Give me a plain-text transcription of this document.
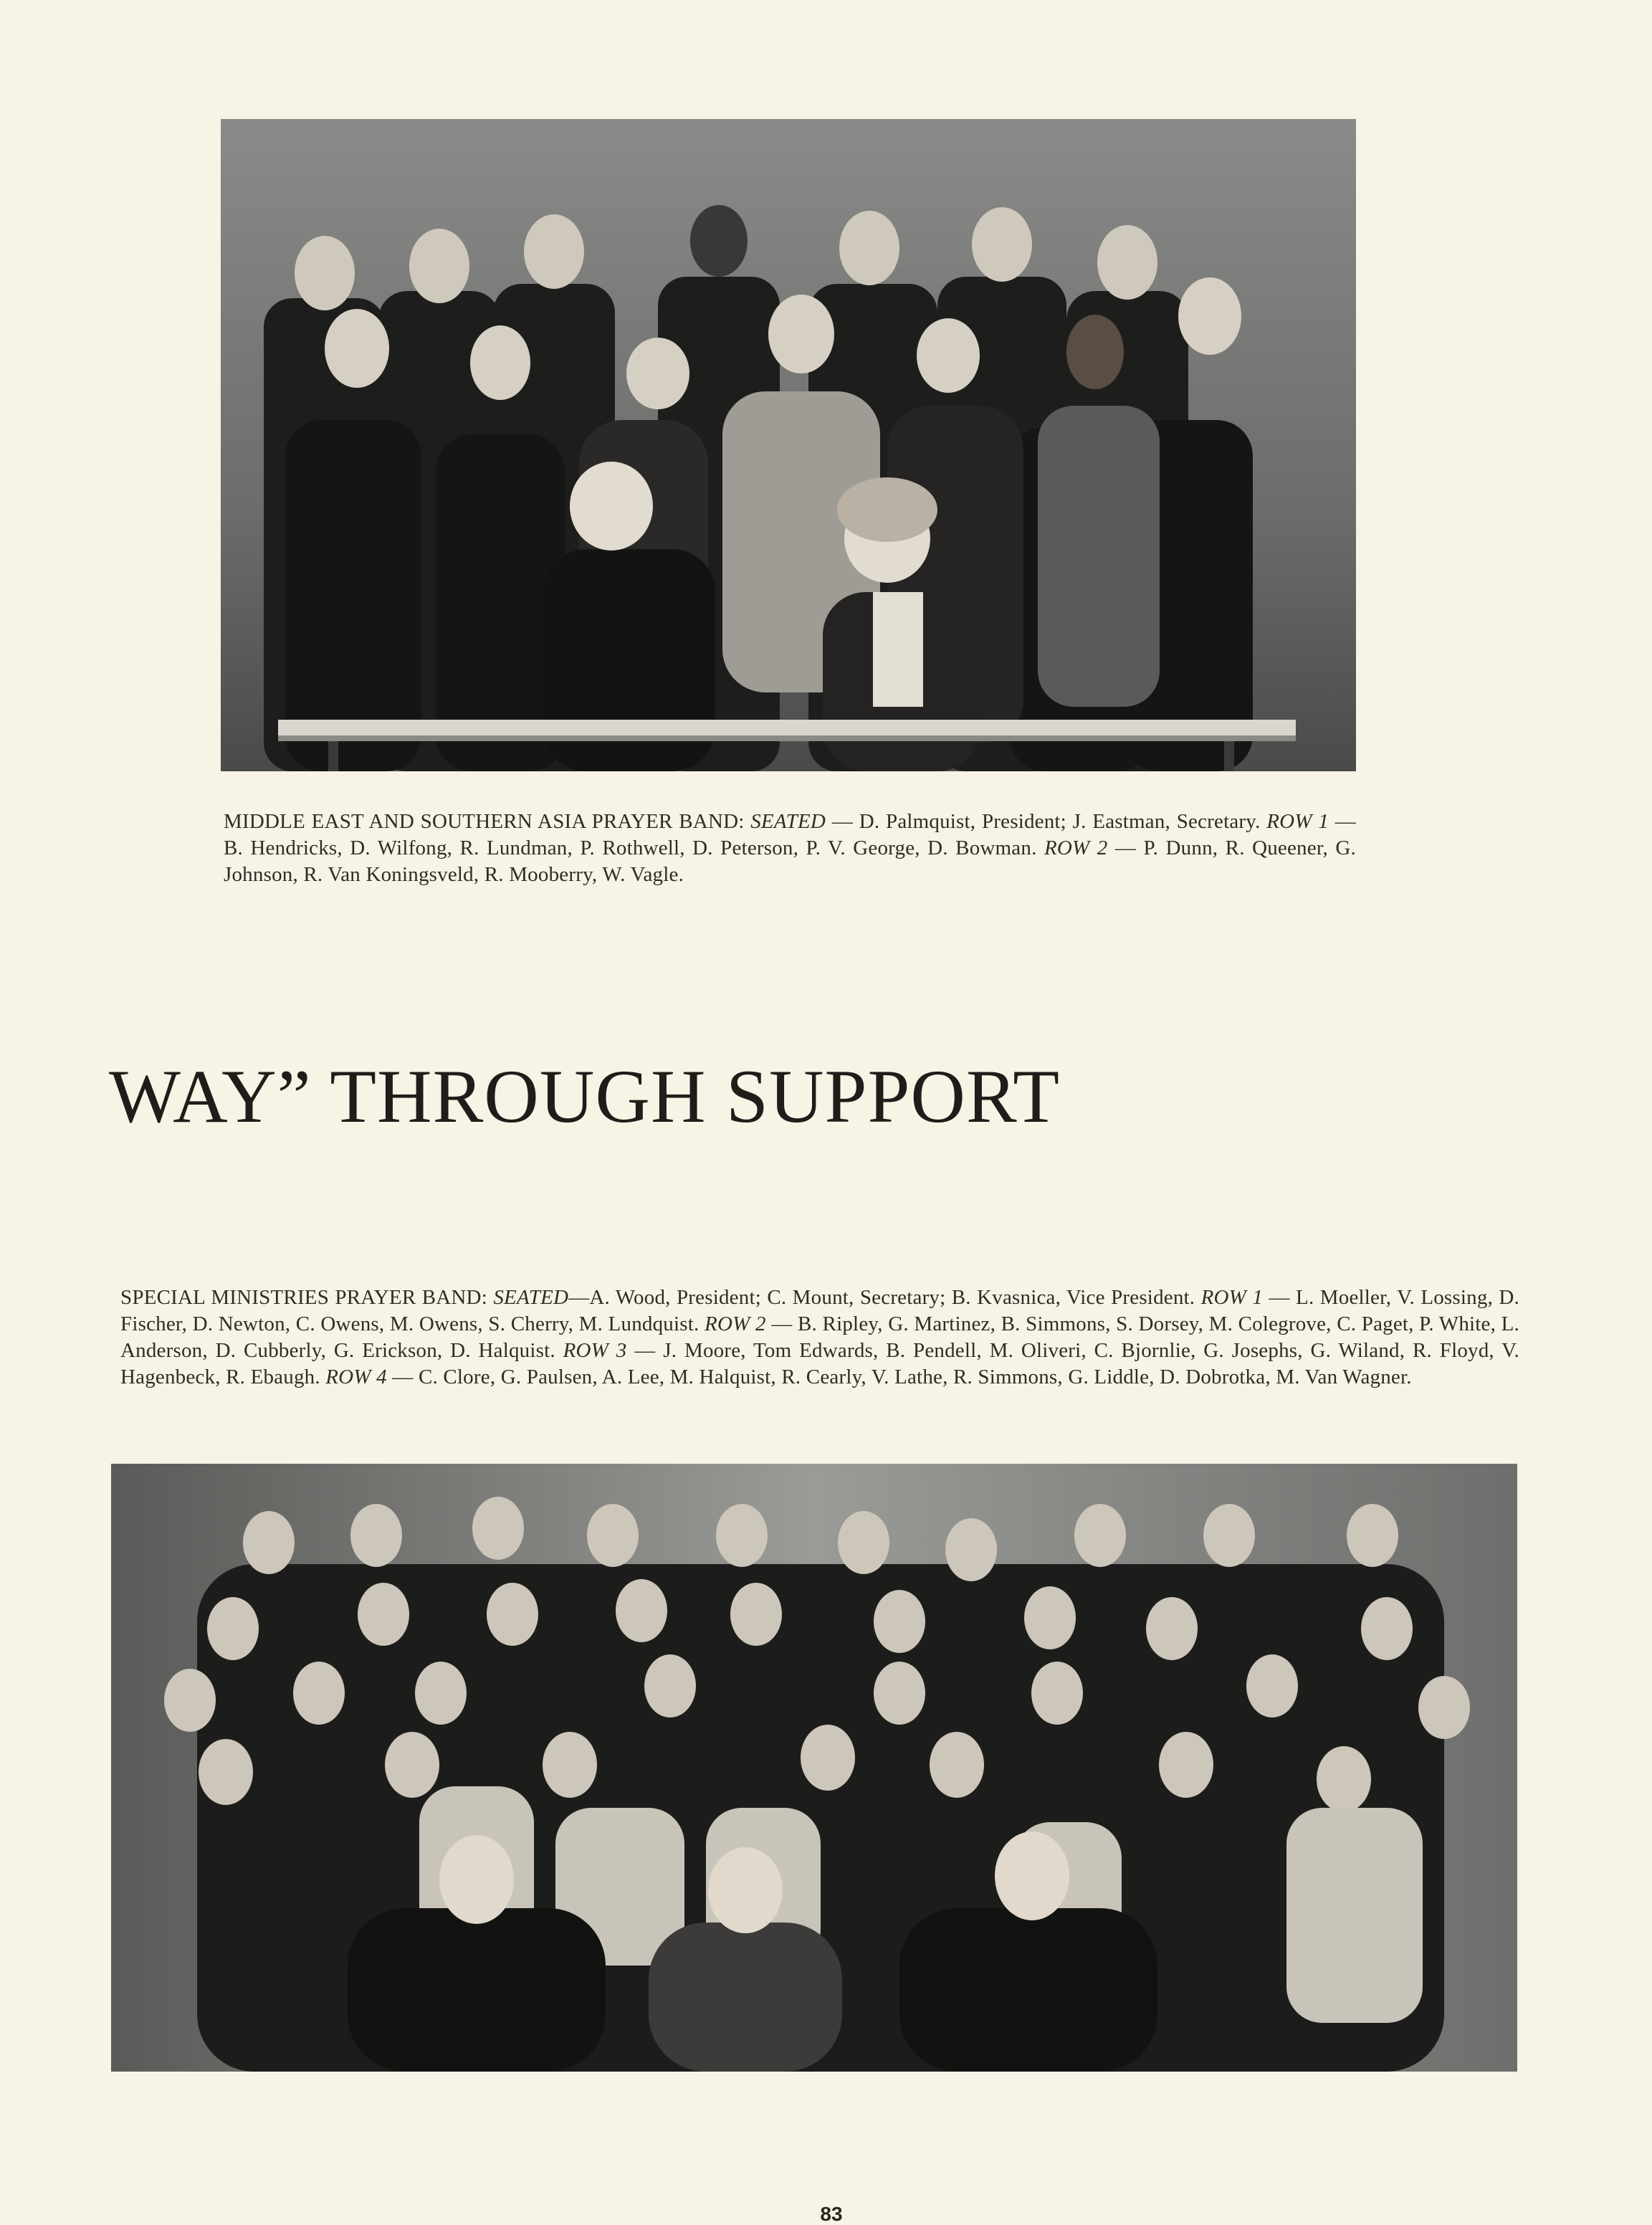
MIDDLE EAST AND SOUTHERN ASIA PRAYER BAND: SEATED — D. Palmquist, President; J. Eastman, Secretary. ROW 1 — B. Hendricks, D. Wilfong, R. Lundman, P. Rothwell, D. Peterson, P. V. George, D. Bowman. ROW 2 — P. Dunn, R. Queener, G. Johnson, R. Van Koningsveld, R. Mooberry, W. Vagle.
WAY” THROUGH SUPPORT
SPECIAL MINISTRIES PRAYER BAND: SEATED—A. Wood, President; C. Mount, Secretary; B. Kvasnica, Vice President. ROW 1 — L. Moeller, V. Lossing, D. Fischer, D. Newton, C. Owens, M. Owens, S. Cherry, M. Lundquist. ROW 2 — B. Ripley, G. Martinez, B. Simmons, S. Dorsey, M. Colegrove, C. Paget, P. White, L. Anderson, D. Cubberly, G. Erickson, D. Halquist. ROW 3 — J. Moore, Tom Edwards, B. Pendell, M. Oliveri, C. Bjornlie, G. Josephs, G. Wiland, R. Floyd, V. Hagenbeck, R. Ebaugh. ROW 4 — C. Clore, G. Paulsen, A. Lee, M. Halquist, R. Cearly, V. Lathe, R. Simmons, G. Liddle, D. Dobrotka, M. Van Wagner.
83
